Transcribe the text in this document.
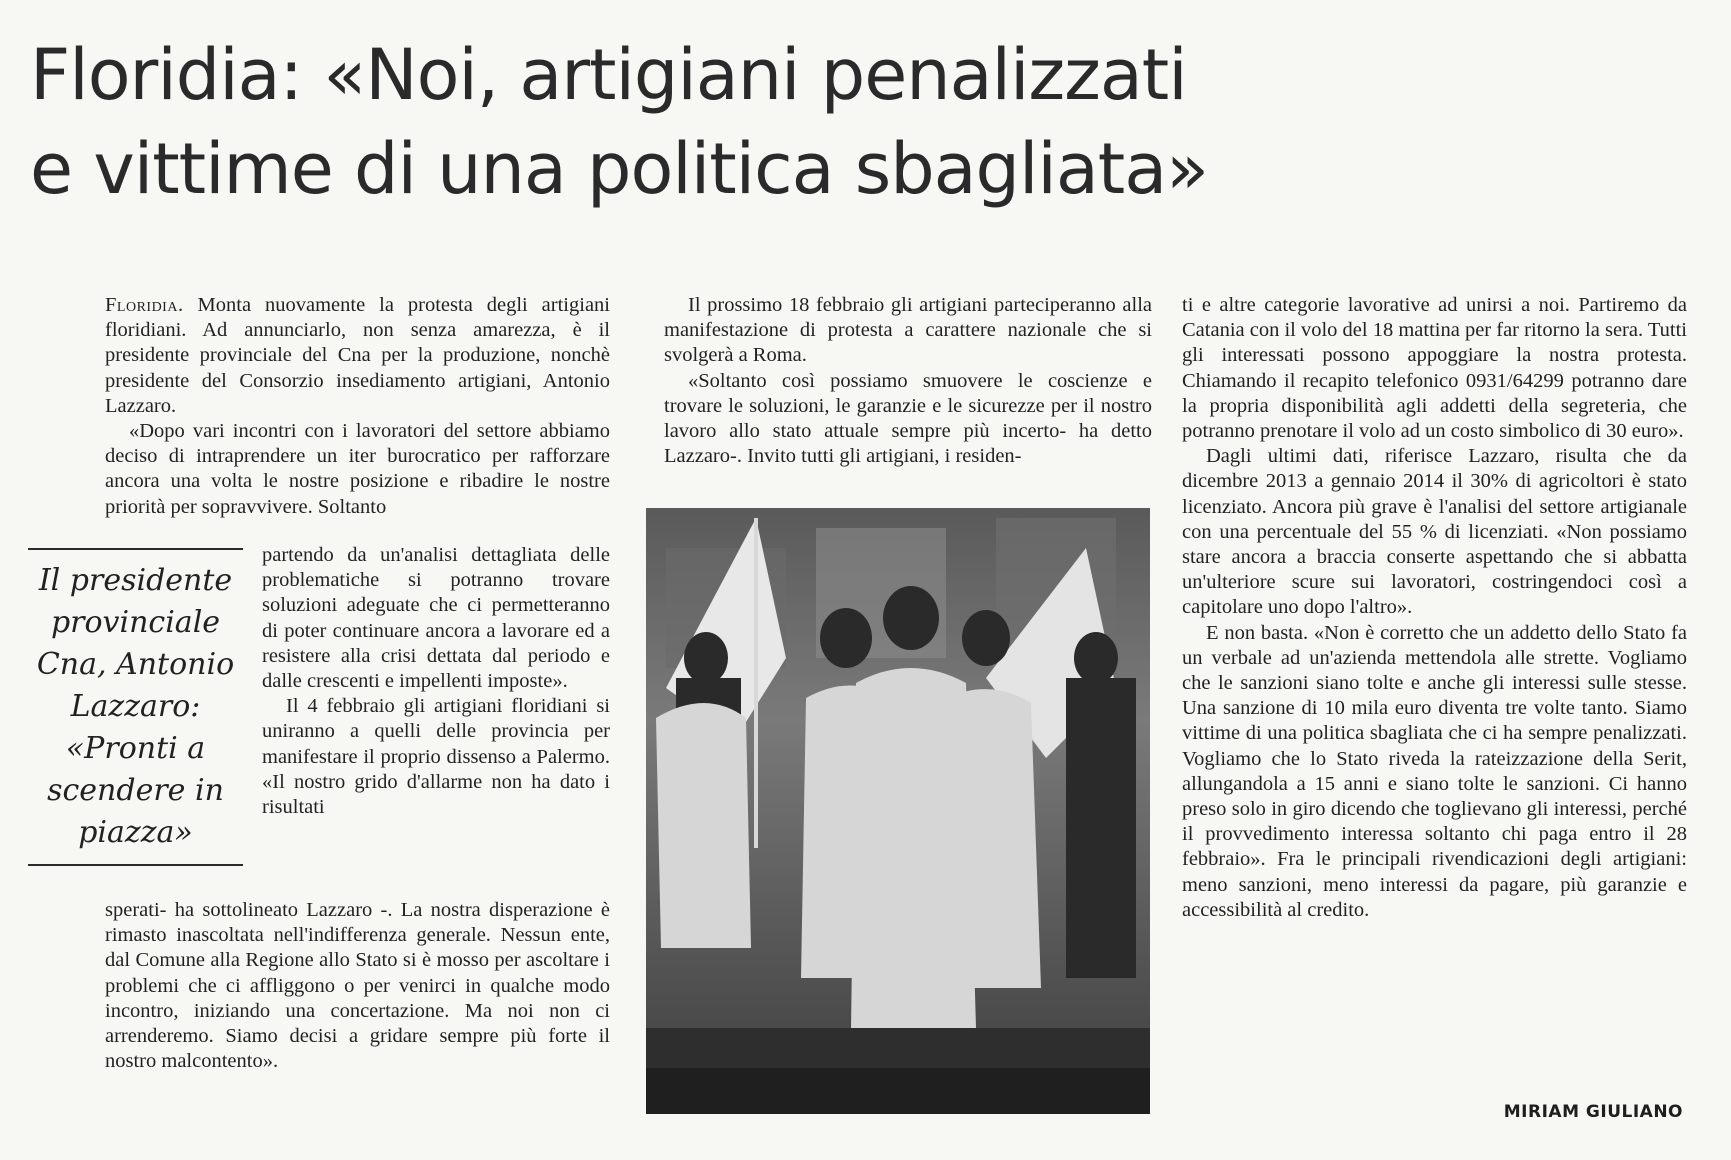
Floridia: «Noi, artigiani penalizzati
e vittime di una politica sbagliata»

Floridia. Monta nuovamente la protesta degli artigiani floridiani. Ad annunciarlo, non senza amarezza, è il presidente provinciale del Cna per la produzione, nonchè presidente del Consorzio insediamento artigiani, Antonio Lazzaro.

«Dopo vari incontri con i lavoratori del settore abbiamo deciso di intraprendere un iter burocratico per rafforzare ancora una volta le nostre posizione e ribadire le nostre priorità per sopravvivere. Soltanto

Il presidente provinciale Cna, Antonio Lazzaro: «Pronti a scendere in piazza»

partendo da un'analisi dettagliata delle problematiche si potranno trovare soluzioni adeguate che ci permetteranno di poter continuare ancora a lavorare ed a resistere alla crisi dettata dal periodo e dalle crescenti e impellenti imposte».

Il 4 febbraio gli artigiani floridiani si uniranno a quelli delle provincia per manifestare il proprio dissenso a Palermo. «Il nostro grido d'allarme non ha dato i risultati

sperati- ha sottolineato Lazzaro -. La nostra disperazione è rimasto inascoltata nell'indifferenza generale. Nessun ente, dal Comune alla Regione allo Stato si è mosso per ascoltare i problemi che ci affliggono o per venirci in qualche modo incontro, iniziando una concertazione. Ma noi non ci arrenderemo. Siamo decisi a gridare sempre più forte il nostro malcontento».

Il prossimo 18 febbraio gli artigiani parteciperanno alla manifestazione di protesta a carattere nazionale che si svolgerà a Roma.

«Soltanto così possiamo smuovere le coscienze e trovare le soluzioni, le garanzie e le sicurezze per il nostro lavoro allo stato attuale sempre più incerto- ha detto Lazzaro-. Invito tutti gli artigiani, i residen-

ti e altre categorie lavorative ad unirsi a noi. Partiremo da Catania con il volo del 18 mattina per far ritorno la sera. Tutti gli interessati possono appoggiare la nostra protesta. Chiamando il recapito telefonico 0931/64299 potranno dare la propria disponibilità agli addetti della segreteria, che potranno prenotare il volo ad un costo simbolico di 30 euro».

Dagli ultimi dati, riferisce Lazzaro, risulta che da dicembre 2013 a gennaio 2014 il 30% di agricoltori è stato licenziato. Ancora più grave è l'analisi del settore artigianale con una percentuale del 55 % di licenziati. «Non possiamo stare ancora a braccia conserte aspettando che si abbatta un'ulteriore scure sui lavoratori, costringendoci così a capitolare uno dopo l'altro».

E non basta. «Non è corretto che un addetto dello Stato fa un verbale ad un'azienda mettendola alle strette. Vogliamo che le sanzioni siano tolte e anche gli interessi sulle stesse. Una sanzione di 10 mila euro diventa tre volte tanto. Siamo vittime di una politica sbagliata che ci ha sempre penalizzati. Vogliamo che lo Stato riveda la rateizzazione della Serit, allungandola a 15 anni e siano tolte le sanzioni. Ci hanno preso solo in giro dicendo che toglievano gli interessi, perché il provvedimento interessa soltanto chi paga entro il 28 febbraio». Fra le principali rivendicazioni degli artigiani: meno sanzioni, meno interessi da pagare, più garanzie e accessibilità al credito.

MIRIAM GIULIANO
